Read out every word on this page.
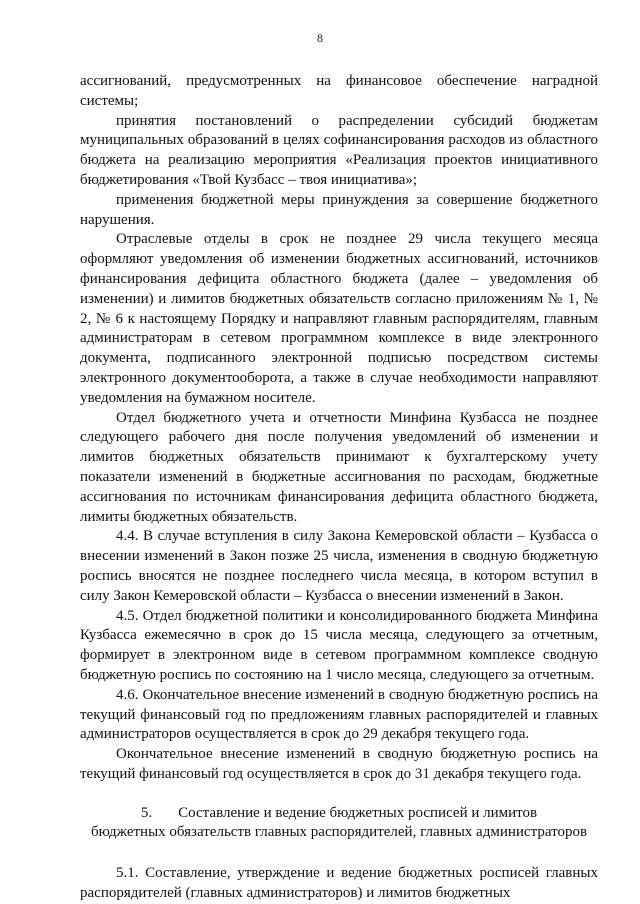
8

ассигнований, предусмотренных на финансовое обеспечение наградной системы;

принятия постановлений о распределении субсидий бюджетам муниципальных образований в целях софинансирования расходов из областного бюджета на реализацию мероприятия «Реализация проектов инициативного бюджетирования «Твой Кузбасс – твоя инициатива»;

применения бюджетной меры принуждения за совершение бюджетного нарушения.

Отраслевые отделы в срок не позднее 29 числа текущего месяца оформляют уведомления об изменении бюджетных ассигнований, источников финансирования дефицита областного бюджета (далее – уведомления об изменении) и лимитов бюджетных обязательств согласно приложениям № 1, № 2, № 6 к настоящему Порядку и направляют главным распорядителям, главным администраторам в сетевом программном комплексе в виде электронного документа, подписанного электронной подписью посредством системы электронного документооборота, а также в случае необходимости направляют уведомления на бумажном носителе.

Отдел бюджетного учета и отчетности Минфина Кузбасса не позднее следующего рабочего дня после получения уведомлений об изменении и лимитов бюджетных обязательств принимают к бухгалтерскому учету показатели изменений в бюджетные ассигнования по расходам, бюджетные ассигнования по источникам финансирования дефицита областного бюджета, лимиты бюджетных обязательств.

4.4. В случае вступления в силу Закона Кемеровской области – Кузбасса о внесении изменений в Закон позже 25 числа, изменения в сводную бюджетную роспись вносятся не позднее последнего числа месяца, в котором вступил в силу Закон Кемеровской области – Кузбасса о внесении изменений в Закон.

4.5. Отдел бюджетной политики и консолидированного бюджета Минфина Кузбасса ежемесячно в срок до 15 числа месяца, следующего за отчетным, формирует в электронном виде в сетевом программном комплексе сводную бюджетную роспись по состоянию на 1 число месяца, следующего за отчетным.

4.6. Окончательное внесение изменений в сводную бюджетную роспись на текущий финансовый год по предложениям главных распорядителей и главных администраторов осуществляется в срок до 29 декабря текущего года.

Окончательное внесение изменений в сводную бюджетную роспись на текущий финансовый год осуществляется в срок до 31 декабря текущего года.

5. Составление и ведение бюджетных росписей и лимитов
бюджетных обязательств главных распорядителей, главных администраторов

5.1. Составление, утверждение и ведение бюджетных росписей главных распорядителей (главных администраторов) и лимитов бюджетных
